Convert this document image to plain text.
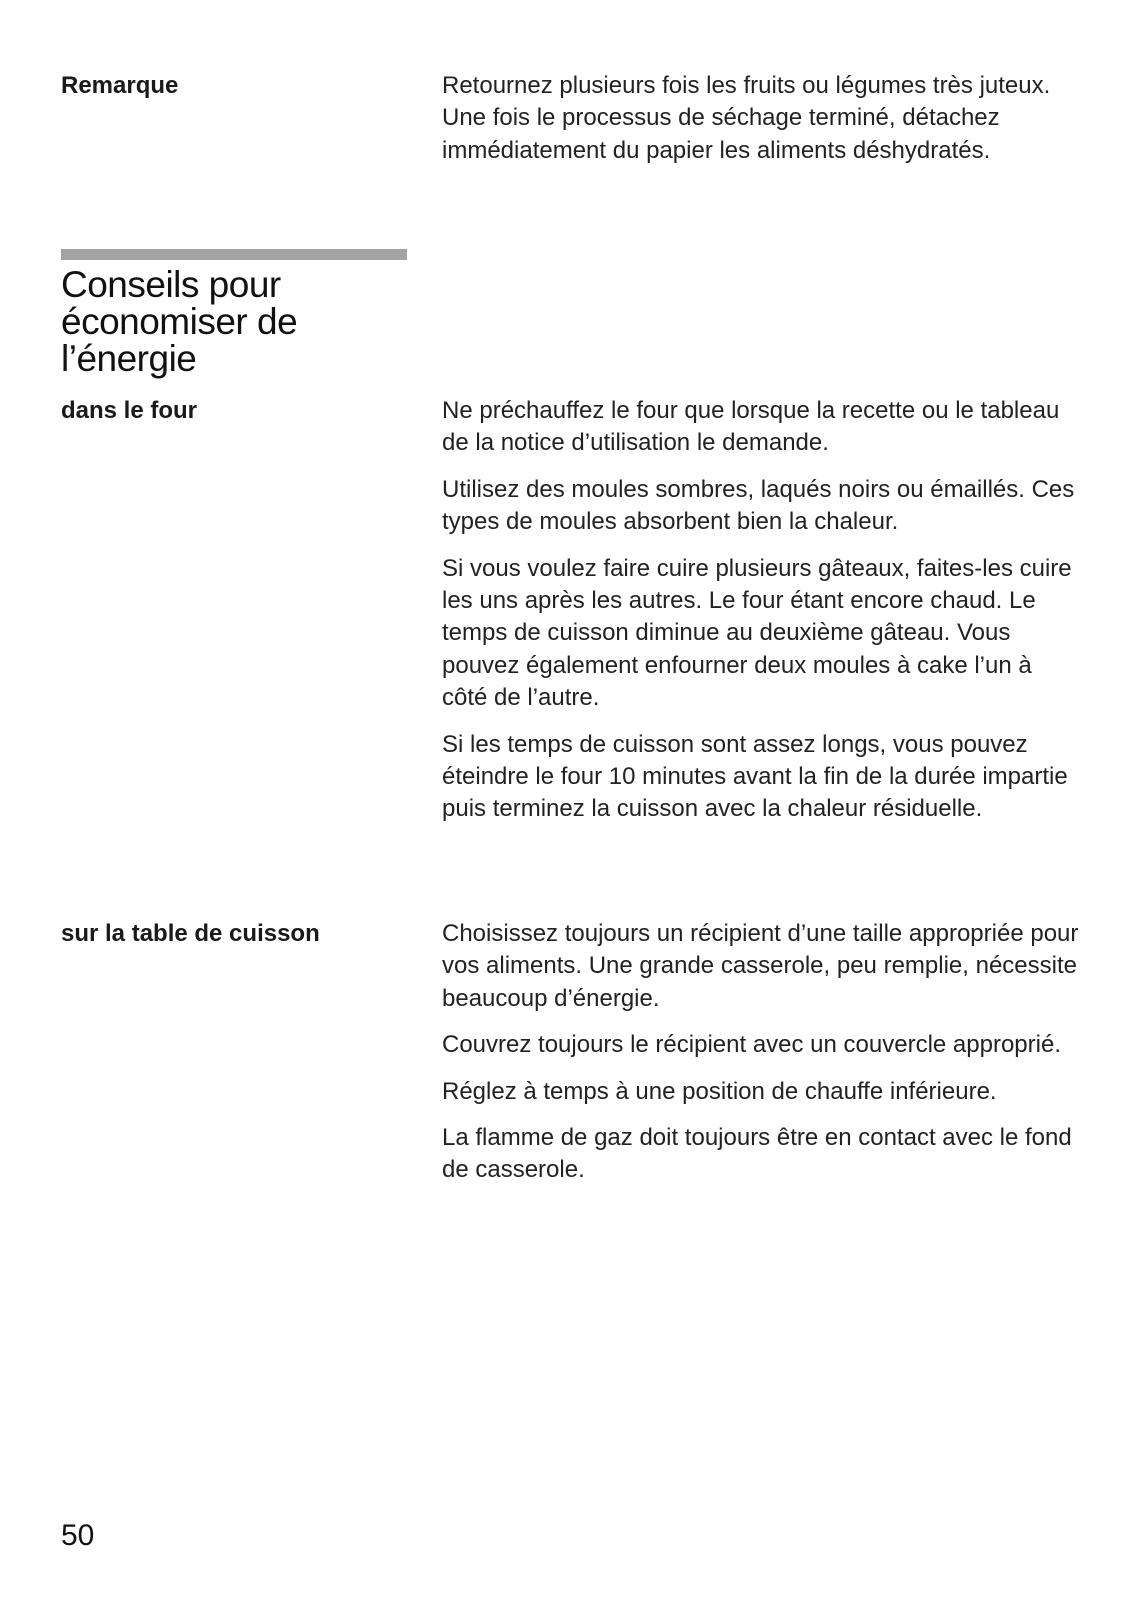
Remarque	Retournez plusieurs fois les fruits ou légumes très juteux. Une fois le processus de séchage terminé, détachez immédiatement du papier les aliments déshydratés.

Conseils pour
économiser de
l’énergie
dans le four	Ne préchauffez le four que lorsque la recette ou le tableau de la notice d’utilisation le demande.

Utilisez des moules sombres, laqués noirs ou émaillés. Ces types de moules absorbent bien la chaleur.

Si vous voulez faire cuire plusieurs gâteaux, faites-les cuire les uns après les autres. Le four étant encore chaud. Le temps de cuisson diminue au deuxième gâteau. Vous pouvez également enfourner deux moules à cake l’un à côté de l’autre.

Si les temps de cuisson sont assez longs, vous pouvez éteindre le four 10 minutes avant la fin de la durée impartie puis terminez la cuisson avec la chaleur résiduelle.

sur la table de cuisson	Choisissez toujours un récipient d’une taille appropriée pour vos aliments. Une grande casserole, peu remplie, nécessite beaucoup d’énergie.

Couvrez toujours le récipient avec un couvercle approprié.

Réglez à temps à une position de chauffe inférieure.

La flamme de gaz doit toujours être en contact avec le fond de casserole.

50
